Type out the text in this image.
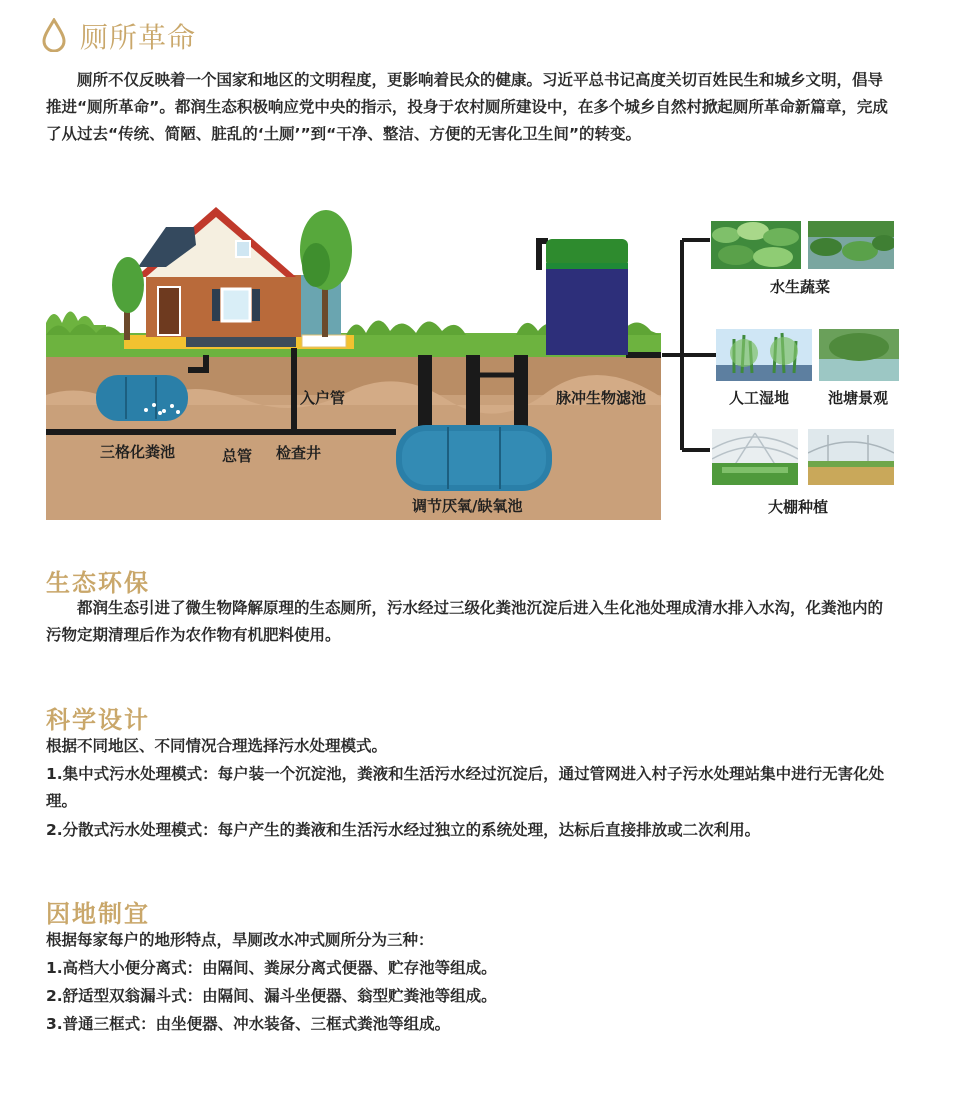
厕所革命
厕所不仅反映着一个国家和地区的文明程度，更影响着民众的健康。习近平总书记高度关切百姓民生和城乡文明，倡导推进“厕所革命”。都润生态积极响应党中央的指示，投身于农村厕所建设中，在多个城乡自然村掀起厕所革命新篇章，完成了从过去“传统、简陋、脏乱的‘土厕’”到“干净、整洁、方便的无害化卫生间”的转变。
三格化粪池	总管 检查井
入户管
调节厌氧/缺氧池
脉冲生物滤池
水生蔬菜
人工湿地	池塘景观
大棚种植
生态环保
都润生态引进了微生物降解原理的生态厕所，污水经过三级化粪池沉淀后进入生化池处理成清水排入水沟，化粪池内的污物定期清理后作为农作物有机肥料使用。
科学设计
根据不同地区、不同情况合理选择污水处理模式。
1.集中式污水处理模式：每户装一个沉淀池，粪液和生活污水经过沉淀后，通过管网进入村子污水处理站集中进行无害化处理。
2.分散式污水处理模式：每户产生的粪液和生活污水经过独立的系统处理，达标后直接排放或二次利用。
因地制宜
根据每家每户的地形特点，旱厕改水冲式厕所分为三种：
1.高档大小便分离式：由隔间、粪尿分离式便器、贮存池等组成。
2.舒适型双翁漏斗式：由隔间、漏斗坐便器、翁型贮粪池等组成。
3.普通三框式：由坐便器、冲水装备、三框式粪池等组成。
